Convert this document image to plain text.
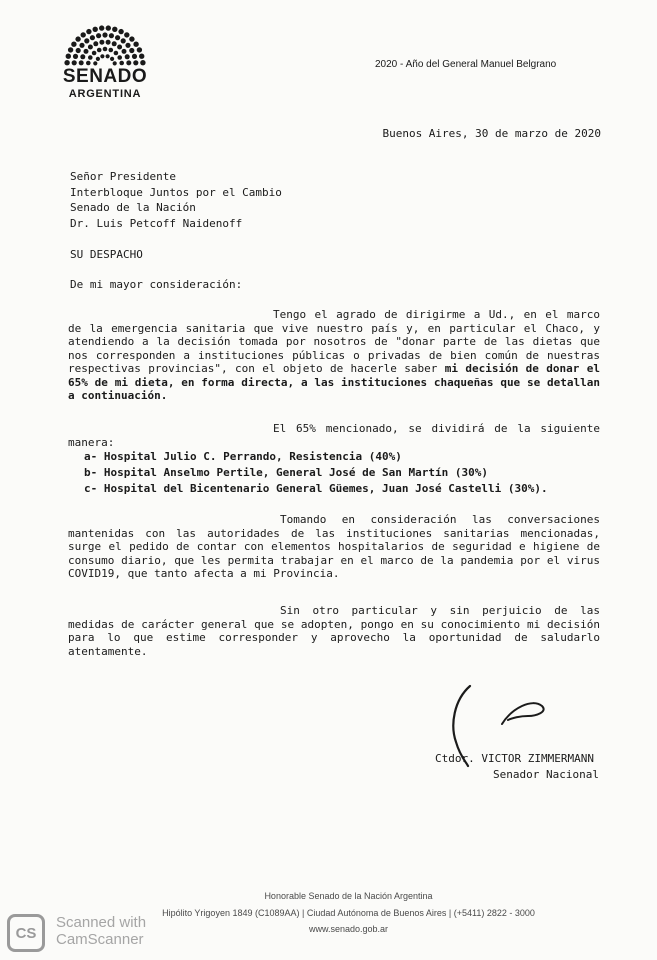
SENADO
ARGENTINA
2020 - Año del General Manuel Belgrano
Buenos Aires, 30 de marzo de 2020
Señor Presidente
Interbloque Juntos por el Cambio
Senado de la Nación
Dr. Luis Petcoff Naidenoff
SU DESPACHO
De mi mayor consideración:
Tengo el agrado de dirigirme a Ud., en el marco de la emergencia sanitaria que vive nuestro país y, en particular el Chaco, y atendiendo a la decisión tomada por nosotros de "donar parte de las dietas que nos corresponden a instituciones públicas o privadas de bien común de nuestras respectivas provincias", con el objeto de hacerle saber mi decisión de donar el 65% de mi dieta, en forma directa, a las instituciones chaqueñas que se detallan a continuación.
El 65% mencionado, se dividirá de la siguiente manera:
a- Hospital Julio C. Perrando, Resistencia (40%)
b- Hospital Anselmo Pertile, General José de San Martín (30%)
c- Hospital del Bicentenario General Güemes, Juan José Castelli (30%).
Tomando en consideración las conversaciones mantenidas con las autoridades de las instituciones sanitarias mencionadas, surge el pedido de contar con elementos hospitalarios de seguridad e higiene de consumo diario, que les permita trabajar en el marco de la pandemia por el virus COVID19, que tanto afecta a mi Provincia.
Sin otro particular y sin perjuicio de las medidas de carácter general que se adopten, pongo en su conocimiento mi decisión para lo que estime corresponder y aprovecho la oportunidad de saludarlo atentamente.
Ctdor. VICTOR ZIMMERMANN
Senador Nacional
Honorable Senado de la Nación Argentina
Hipólito Yrigoyen 1849 (C1089AA) | Ciudad Autónoma de Buenos Aires | (+5411) 2822 - 3000
www.senado.gob.ar
CS
Scanned with
CamScanner
